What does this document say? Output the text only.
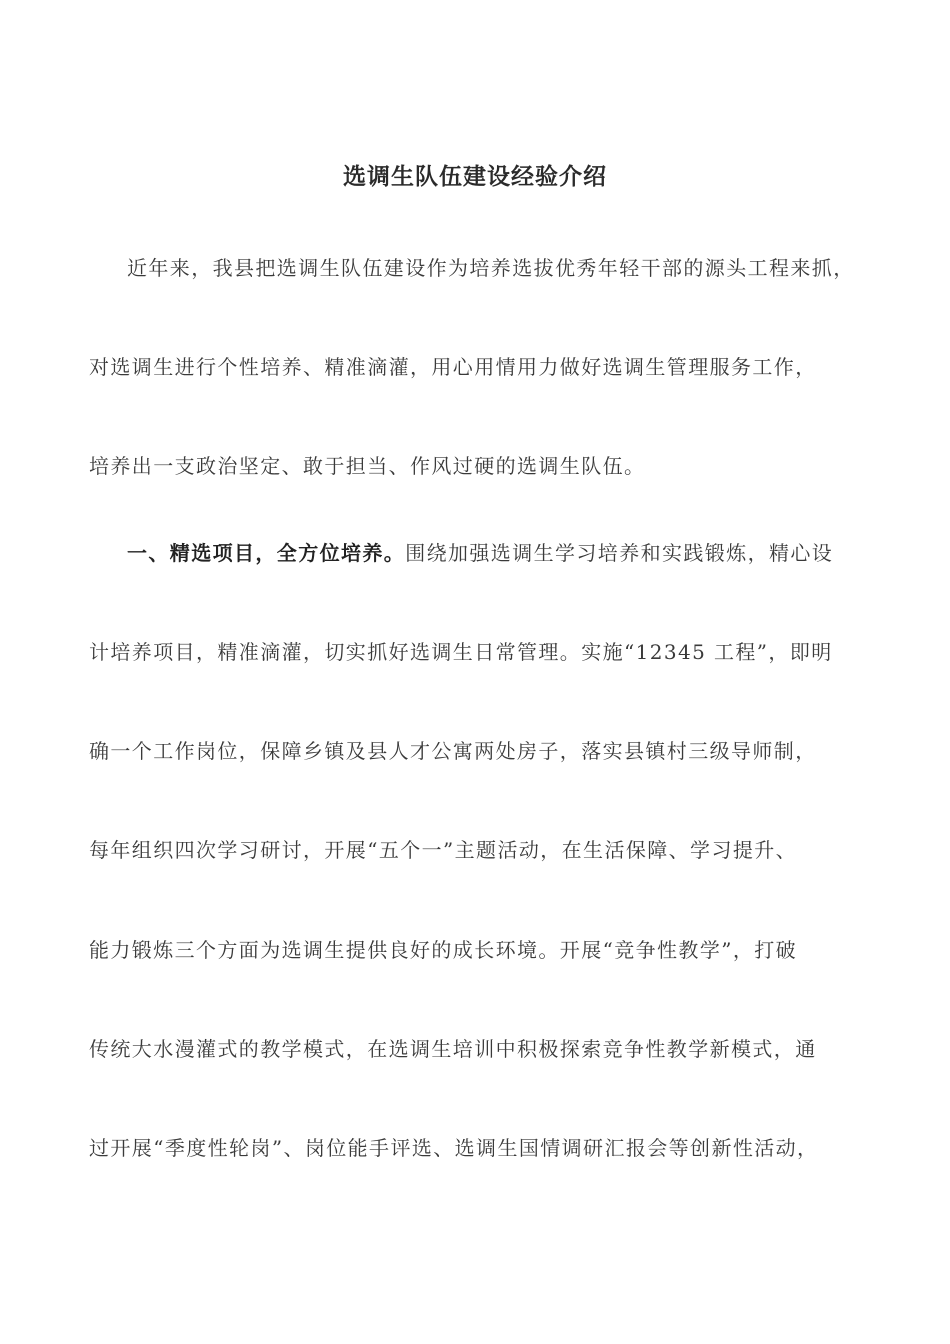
选调生队伍建设经验介绍
近年来，我县把选调生队伍建设作为培养选拔优秀年轻干部的源头工程来抓，
对选调生进行个性培养、精准滴灌，用心用情用力做好选调生管理服务工作，
培养出一支政治坚定、敢于担当、作风过硬的选调生队伍。
一、精选项目，全方位培养。围绕加强选调生学习培养和实践锻炼，精心设
计培养项目，精准滴灌，切实抓好选调生日常管理。实施“12345 工程”，即明
确一个工作岗位，保障乡镇及县人才公寓两处房子，落实县镇村三级导师制，
每年组织四次学习研讨，开展“五个一”主题活动，在生活保障、学习提升、
能力锻炼三个方面为选调生提供良好的成长环境。开展“竞争性教学”，打破
传统大水漫灌式的教学模式，在选调生培训中积极探索竞争性教学新模式，通
过开展“季度性轮岗”、岗位能手评选、选调生国情调研汇报会等创新性活动，
